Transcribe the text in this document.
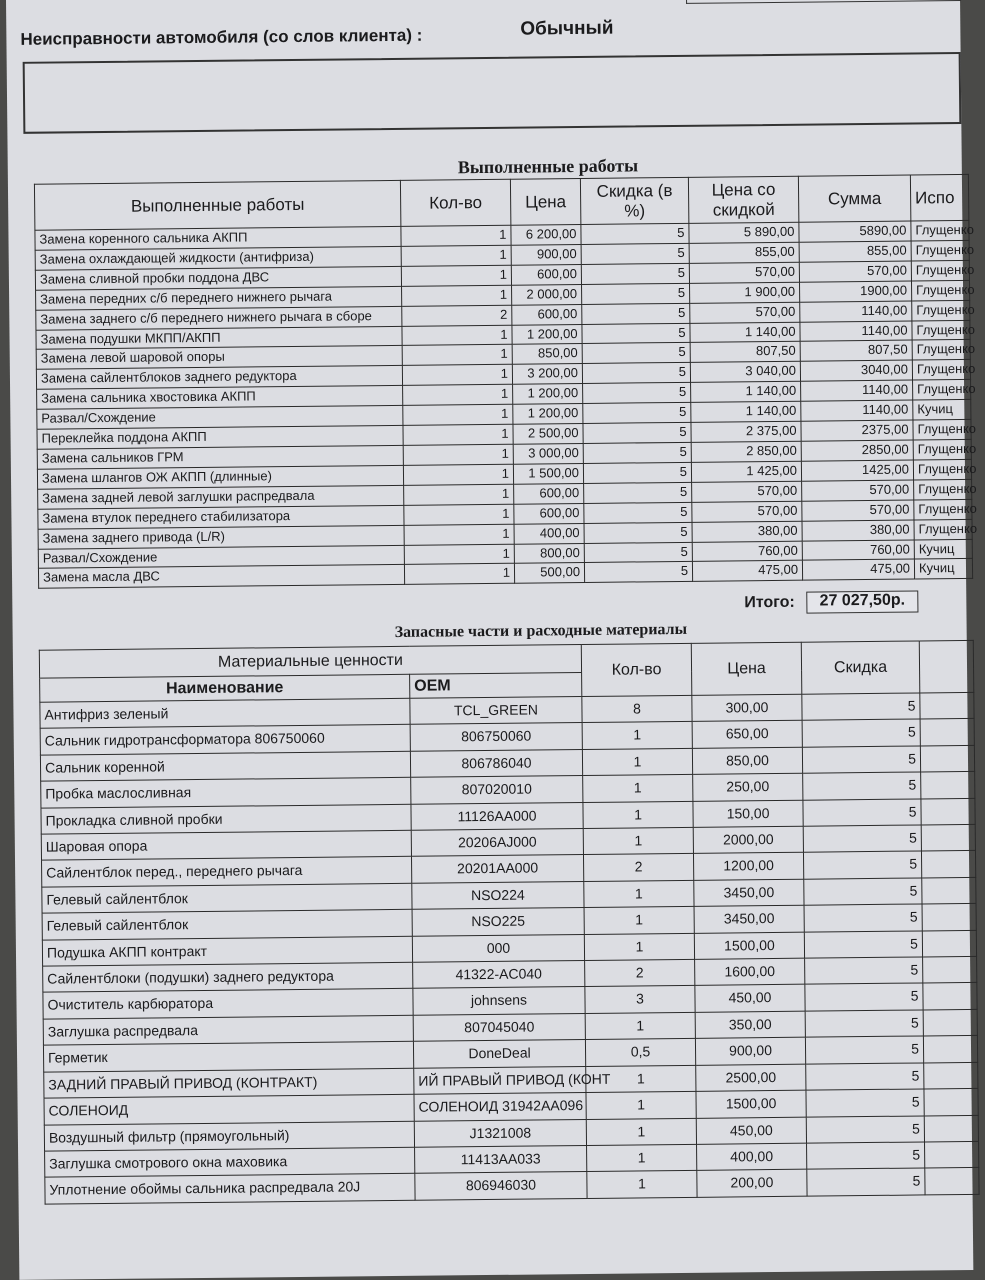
Неисправности автомобиля (со слов клиента) :	Обычный
Выполненные работы
Выполненные работы	Кол-во	Цена	Скидка (в %)	Цена со скидкой	Сумма	Испо
Замена коренного сальника АКПП	1	6 200,00	5	5 890,00	5890,00	Глущенко
Замена охлаждающей жидкости (антифриза)	1	900,00	5	855,00	855,00	Глущенко
Замена сливной пробки поддона ДВС	1	600,00	5	570,00	570,00	Глущенко
Замена передних с/б переднего нижнего рычага	1	2 000,00	5	1 900,00	1900,00	Глущенко
Замена заднего с/б переднего нижнего рычага в сборе	2	600,00	5	570,00	1140,00	Глущенко
Замена подушки МКПП/АКПП	1	1 200,00	5	1 140,00	1140,00	Глущенко
Замена левой шаровой опоры	1	850,00	5	807,50	807,50	Глущенко
Замена сайлентблоков заднего редуктора	1	3 200,00	5	3 040,00	3040,00	Глущенко
Замена сальника хвостовика АКПП	1	1 200,00	5	1 140,00	1140,00	Глущенко
Развал/Схождение	1	1 200,00	5	1 140,00	1140,00	Кучиц
Переклейка поддона АКПП	1	2 500,00	5	2 375,00	2375,00	Глущенко
Замена сальников ГРМ	1	3 000,00	5	2 850,00	2850,00	Глущенко
Замена шлангов ОЖ АКПП (длинные)	1	1 500,00	5	1 425,00	1425,00	Глущенко
Замена задней левой заглушки распредвала	1	600,00	5	570,00	570,00	Глущенко
Замена втулок переднего стабилизатора	1	600,00	5	570,00	570,00	Глущенко
Замена заднего привода (L/R)	1	400,00	5	380,00	380,00	Глущенко
Развал/Схождение	1	800,00	5	760,00	760,00	Кучиц
Замена масла ДВС	1	500,00	5	475,00	475,00	Кучиц
Итого:	27 027,50р.
Запасные части и расходные материалы
Материальные ценности		Кол-во	Цена	Скидка	
Наименование	OEM				
Антифриз зеленый	TCL_GREEN	8	300,00	5	
Сальник гидротрансформатора 806750060	806750060	1	650,00	5	
Сальник коренной	806786040	1	850,00	5	
Пробка маслосливная	807020010	1	250,00	5	
Прокладка сливной пробки	11126AA000	1	150,00	5	
Шаровая опора	20206AJ000	1	2000,00	5	
Сайлентблок перед., переднего рычага	20201AA000	2	1200,00	5	
Гелевый сайлентблок	NSO224	1	3450,00	5	
Гелевый сайлентблок	NSO225	1	3450,00	5	
Подушка АКПП контракт	000	1	1500,00	5	
Сайлентблоки (подушки) заднего редуктора	41322-AC040	2	1600,00	5	
Очиститель карбюратора	johnsens	3	450,00	5	
Заглушка распредвала	807045040	1	350,00	5	
Герметик	DoneDeal	0,5	900,00	5	
ЗАДНИЙ ПРАВЫЙ ПРИВОД (КОНТРАКТ)	ИЙ ПРАВЫЙ ПРИВОД (КОНТ	1	2500,00	5	
СОЛЕНОИД	СОЛЕНОИД 31942AA096	1	1500,00	5	
Воздушный фильтр (прямоугольный)	J1321008	1	450,00	5	
Заглушка смотрового окна маховика	11413AA033	1	400,00	5	
Уплотнение обоймы сальника распредвала 20J	806946030	1	200,00	5	
